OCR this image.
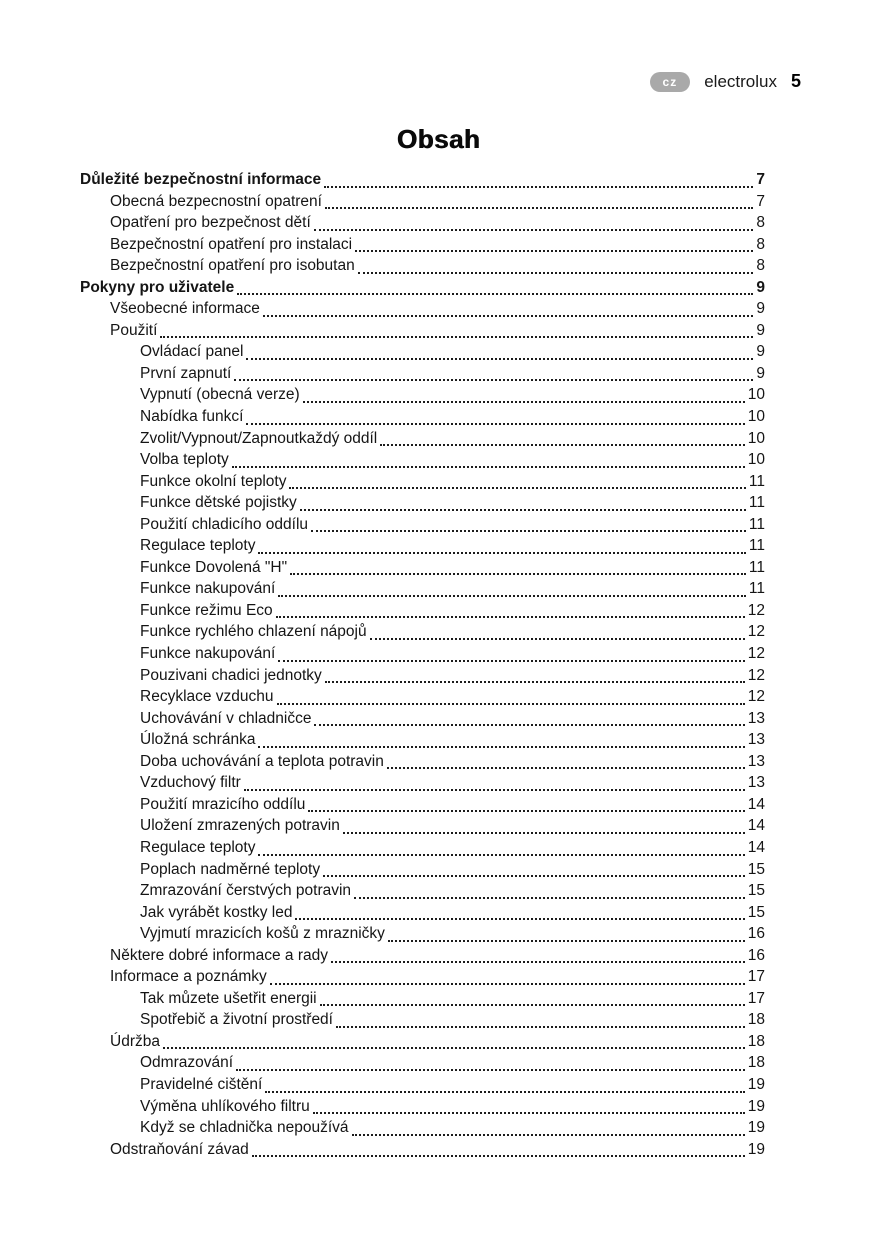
cz	electrolux 5
Obsah
Důležité bezpečnostní informace	7
Obecná bezpecnostní opatrení	7
Opatření pro bezpečnost dětí	8
Bezpečnostní opatření pro instalaci	8
Bezpečnostní opatření pro isobutan	8
Pokyny pro uživatele	9
Všeobecné informace	9
Použití	9
Ovládací panel	9
První zapnutí	9
Vypnutí (obecná verze)	10
Nabídka funkcí	10
Zvolit/Vypnout/Zapnoutkaždý oddíl	10
Volba teploty	10
Funkce okolní teploty	11
Funkce dětské pojistky	11
Použití chladicího oddílu	11
Regulace teploty	11
Funkce Dovolená "H"	11
Funkce nakupování	11
Funkce režimu Eco	12
Funkce rychlého chlazení nápojů	12
Funkce nakupování	12
Pouzivani chadici jednotky	12
Recyklace vzduchu	12
Uchovávání v chladničce	13
Úložná schránka	13
Doba uchovávání a teplota potravin	13
Vzduchový filtr	13
Použití mrazicího oddílu	14
Uložení zmrazených potravin	14
Regulace teploty	14
Poplach nadměrné teploty	15
Zmrazování čerstvých potravin	15
Jak vyrábět kostky led	15
Vyjmutí mrazicích košů z mrazničky	16
Některe dobré informace a rady	16
Informace a poznámky	17
Tak můzete ušetřit energii	17
Spotřebič a životní prostředí	18
Údržba	18
Odmrazování	18
Pravidelné cištění	19
Výměna uhlíkového filtru	19
Když se chladnička nepoužívá	19
Odstraňování závad	19
